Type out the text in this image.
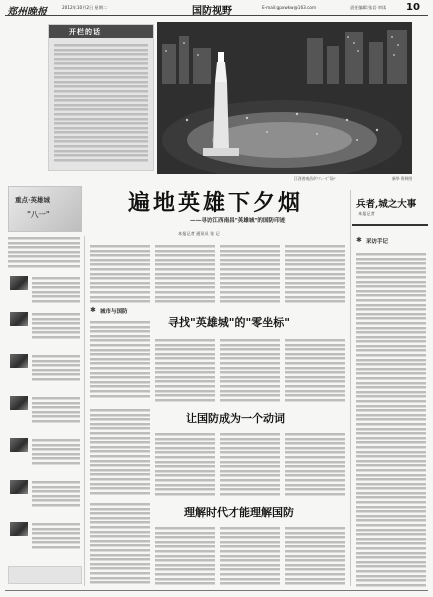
郑州晚报	2012年10月2日 星期二	国防视野	E-mail:gpxwkw@163.com	责任编辑:张岩 审读 10
开栏的话
江西省南昌市"八一广场"	新华 资料图
重点·英雄城
"八一"	遍地英雄下夕烟
——寻访江西南昌"英雄城"的国防印迹
本报记者 通讯员 张 记
兵者,城之大事
本报记者
✱ 采访手记
✱ 城市与国防
寻找"英雄城"的"零坐标"
让国防成为一个动词
理解时代才能理解国防
